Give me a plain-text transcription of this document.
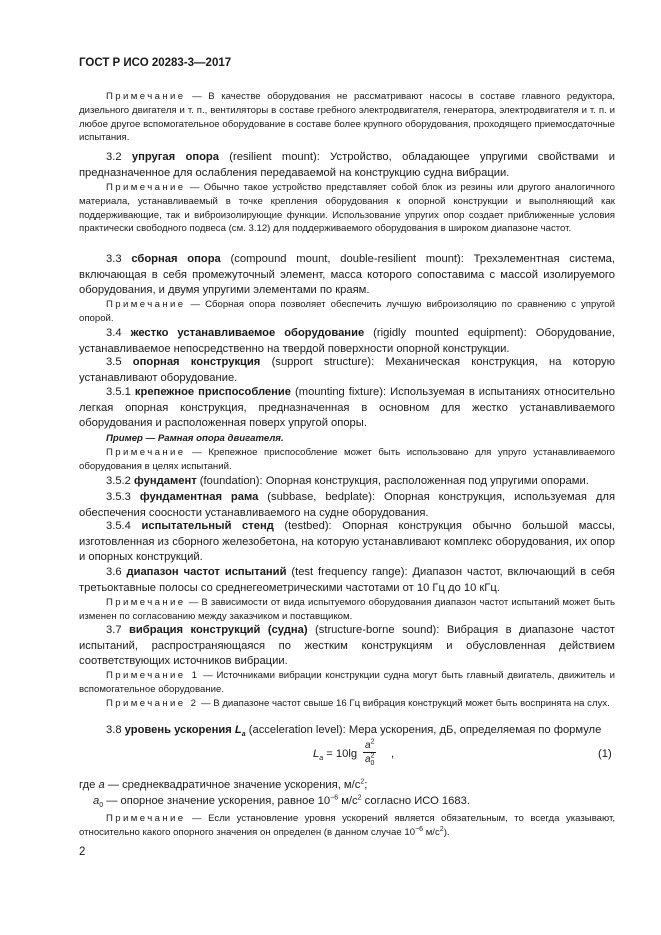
ГОСТ Р ИСО 20283-3—2017

Примечание — В качестве оборудования не рассматривают насосы в составе главного редуктора, дизельного двигателя и т. п., вентиляторы в составе гребного электродвигателя, генератора, электродвигателя и т. п. и любое другое вспомогательное оборудование в составе более крупного оборудования, проходящего приемосдаточные испытания.

3.2 упругая опора (resilient mount): Устройство, обладающее упругими свойствами и предназначенное для ослабления передаваемой на конструкцию судна вибрации.

Примечание — Обычно такое устройство представляет собой блок из резины или другого аналогичного материала, устанавливаемый в точке крепления оборудования к опорной конструкции и выполняющий как поддерживающие, так и виброизолирующие функции. Использование упругих опор создает приближенные условия практически свободного подвеса (см. 3.12) для поддерживаемого оборудования в широком диапазоне частот.

3.3 сборная опора (compound mount, double-resilient mount): Трехэлементная система, включающая в себя промежуточный элемент, масса которого сопоставима с массой изолируемого оборудования, и двумя упругими элементами по краям.

Примечание — Сборная опора позволяет обеспечить лучшую виброизоляцию по сравнению с упругой опорой.

3.4 жестко устанавливаемое оборудование (rigidly mounted equipment): Оборудование, устанавливаемое непосредственно на твердой поверхности опорной конструкции.

3.5 опорная конструкция (support structure): Механическая конструкция, на которую устанавливают оборудование.

3.5.1 крепежное приспособление (mounting fixture): Используемая в испытаниях относительно легкая опорная конструкция, предназначенная в основном для жестко устанавливаемого оборудования и расположенная поверх упругой опоры.

Пример — Рамная опора двигателя.

Примечание — Крепежное приспособление может быть использовано для упруго устанавливаемого оборудования в целях испытаний.

3.5.2 фундамент (foundation): Опорная конструкция, расположенная под упругими опорами.

3.5.3 фундаментная рама (subbase, bedplate): Опорная конструкция, используемая для обеспечения соосности устанавливаемого на судне оборудования.

3.5.4 испытательный стенд (testbed): Опорная конструкция обычно большой массы, изготовленная из сборного железобетона, на которую устанавливают комплекс оборудования, их опор и опорных конструкций.

3.6 диапазон частот испытаний (test frequency range): Диапазон частот, включающий в себя третьоктавные полосы со среднегеометрическими частотами от 10 Гц до 10 кГц.

Примечание — В зависимости от вида испытуемого оборудования диапазон частот испытаний может быть изменен по согласованию между заказчиком и поставщиком.

3.7 вибрация конструкций (судна) (structure-borne sound): Вибрация в диапазоне частот испытаний, распространяющаяся по жестким конструкциям и обусловленная действием соответствующих источников вибрации.

Примечание 1 — Источниками вибрации конструкции судна могут быть главный двигатель, движитель и вспомогательное оборудование.

Примечание 2 — В диапазоне частот свыше 16 Гц вибрация конструкций может быть воспринята на слух.

3.8 уровень ускорения $L_a$ (acceleration level): Мера ускорения, дБ, определяемая по формуле

$L_a = 10\lg \frac{a^2}{a^2_0}$ ,	(1)
где a — среднеквадратичное значение ускорения, $м/с^2$;
$a_0$ — опорное значение ускорения, равное $10^{-6}$ $м/с^2$ согласно ИСО 1683.

Примечание — Если установление уровня ускорений является обязательным, то всегда указывают, относительно какого опорного значения он определен (в данном случае $10^{-6}$ $м/с^2$).

2
